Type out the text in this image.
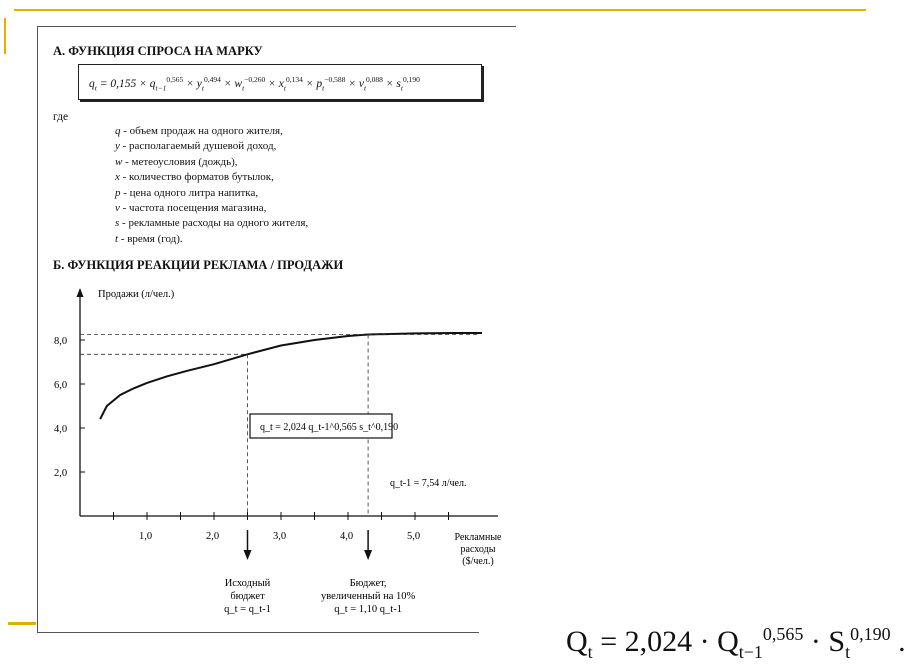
А. ФУНКЦИЯ СПРОСА НА МАРКУ
$q_t = 0,155 \times q_{t-1}^{0,565} \times y_t^{0,494} \times w_t^{-0,260} \times x_t^{0,134} \times p_t^{-0,588} \times v_t^{0,088} \times s_t^{0,190}$
где
q - объем продаж на одного жителя,
y - располагаемый душевой доход,
w - метеоусловия (дождь),
x - количество форматов бутылок,
p - цена одного литра напитка,
v - частота посещения магазина,
s - рекламные расходы на одного жителя,
t - время (год).
Б. ФУНКЦИЯ РЕАКЦИИ РЕКЛАМА / ПРОДАЖИ
Продажи (л/чел.)
2,0
4,0
6,0
8,0
1,0	2,0	3,0	4,0	5,0	Рекламные
расходы
($/чел.)
Исходный
бюджет
q_t = q_t-1
Бюджет,
увеличенный на 10%
q_t = 1,10 q_t-1
q_t = 2,024 q_t-1^0,565 s_t^0,190
q_t-1 = 7,54 л/чел.
$Q_t = 2,024 \cdot Q_{t-1}^{0,565} \cdot S_t^{0,190}$ .
